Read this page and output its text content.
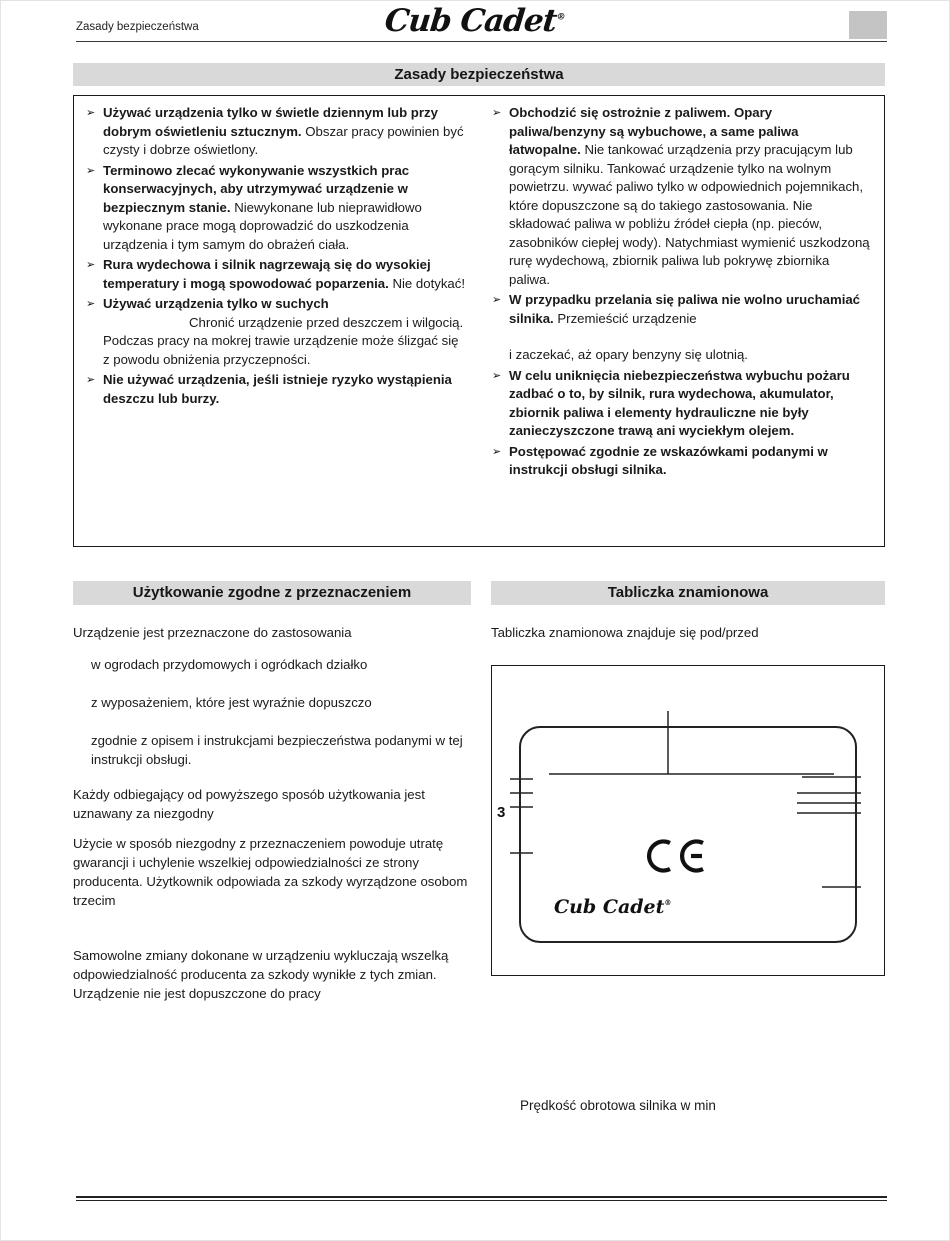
Zasady bezpieczeństwa	Cub Cadet®
Zasady bezpieczeństwa
➢ Używać urządzenia tylko w świetle dziennym lub przy dobrym oświetleniu sztucznym. Obszar pracy powinien być czysty i dobrze oświetlony.

➢ Terminowo zlecać wykonywanie wszystkich prac konserwacyjnych, aby utrzymywać urządzenie w bezpiecznym stanie. Niewykonane lub nieprawidłowo wykonane prace mogą doprowadzić do uszkodzenia urządzenia i tym samym do obrażeń ciała.

➢ Rura wydechowa i silnik nagrzewają się do wysokiej temperatury i mogą spowodować poparzenia. Nie dotykać!

➢ Używać urządzenia tylko w suchych
Chronić urządzenie przed deszczem i wilgocią. Podczas pracy na mokrej trawie urządzenie może ślizgać się z powodu obniżenia przyczepności.

➢ Nie używać urządzenia, jeśli istnieje ryzyko wystąpienia deszczu lub burzy.

➢ Obchodzić się ostrożnie z paliwem. Opary paliwa/benzyny są wybuchowe, a same paliwa łatwopalne. Nie tankować urządzenia przy pracującym lub gorącym silniku. Tankować urządzenie tylko na wolnym powietrzu. wywać paliwo tylko w odpowiednich pojemnikach, które dopuszczone są do takiego zastosowania. Nie składować paliwa w pobliżu źródeł ciepła (np. pieców, zasobników ciepłej wody). Natychmiast wymienić uszkodzoną rurę wydechową, zbiornik paliwa lub pokrywę zbiornika paliwa.

➢ W przypadku przelania się paliwa nie wolno uruchamiać silnika. Przemieścić urządzenie
i zaczekać, aż opary benzyny się ulotnią.

➢ W celu uniknięcia niebezpieczeństwa wybuchu pożaru zadbać o to, by silnik, rura wydechowa, akumulator, zbiornik paliwa i elementy hydrauliczne nie były zanieczyszczone trawą ani wyciekłym olejem.

➢ Postępować zgodnie ze wskazówkami podanymi w instrukcji obsługi silnika.

Użytkowanie zgodne z przeznaczeniem	Tabliczka znamionowa

Urządzenie jest przeznaczone do zastosowania

w ogrodach przydomowych i ogródkach działko

z wyposażeniem, które jest wyraźnie dopuszczo

zgodnie z opisem i instrukcjami bezpieczeństwa podanymi w tej instrukcji obsługi.

Każdy odbiegający od powyższego sposób użytkowania jest uznawany za niezgodny

Użycie w sposób niezgodny z przeznaczeniem powoduje utratę gwarancji i uchylenie wszelkiej odpowiedzialności ze strony producenta. Użytkownik odpowiada za szkody wyrządzone osobom trzecim

Samowolne zmiany dokonane w urządzeniu wykluczają wszelką odpowiedzialność producenta za szkody wynikłe z tych zmian.

Urządzenie nie jest dopuszczone do pracy

Tabliczka znamionowa znajduje się pod/przed

3
Cub Cadet®

Prędkość obrotowa silnika w min
